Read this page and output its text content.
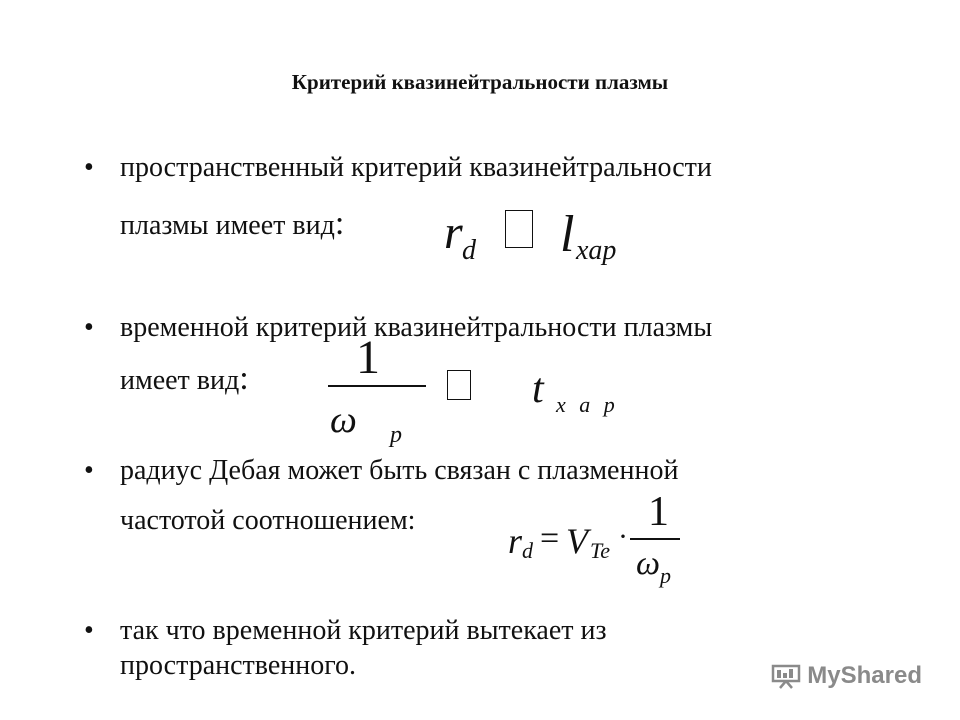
Критерий квазинейтральности плазмы
• пространственный критерий квазинейтральности
плазмы имеет вид: r d l xap
• временной критерий квазинейтральности плазмы
имеет вид: 1
ω p
t x a p
• радиус Дебая может быть связан с плазменной
частотой соотношением:
r d = V Te ·
1
ω p
• так что временной критерий вытекает из
пространственного.	MyShared
